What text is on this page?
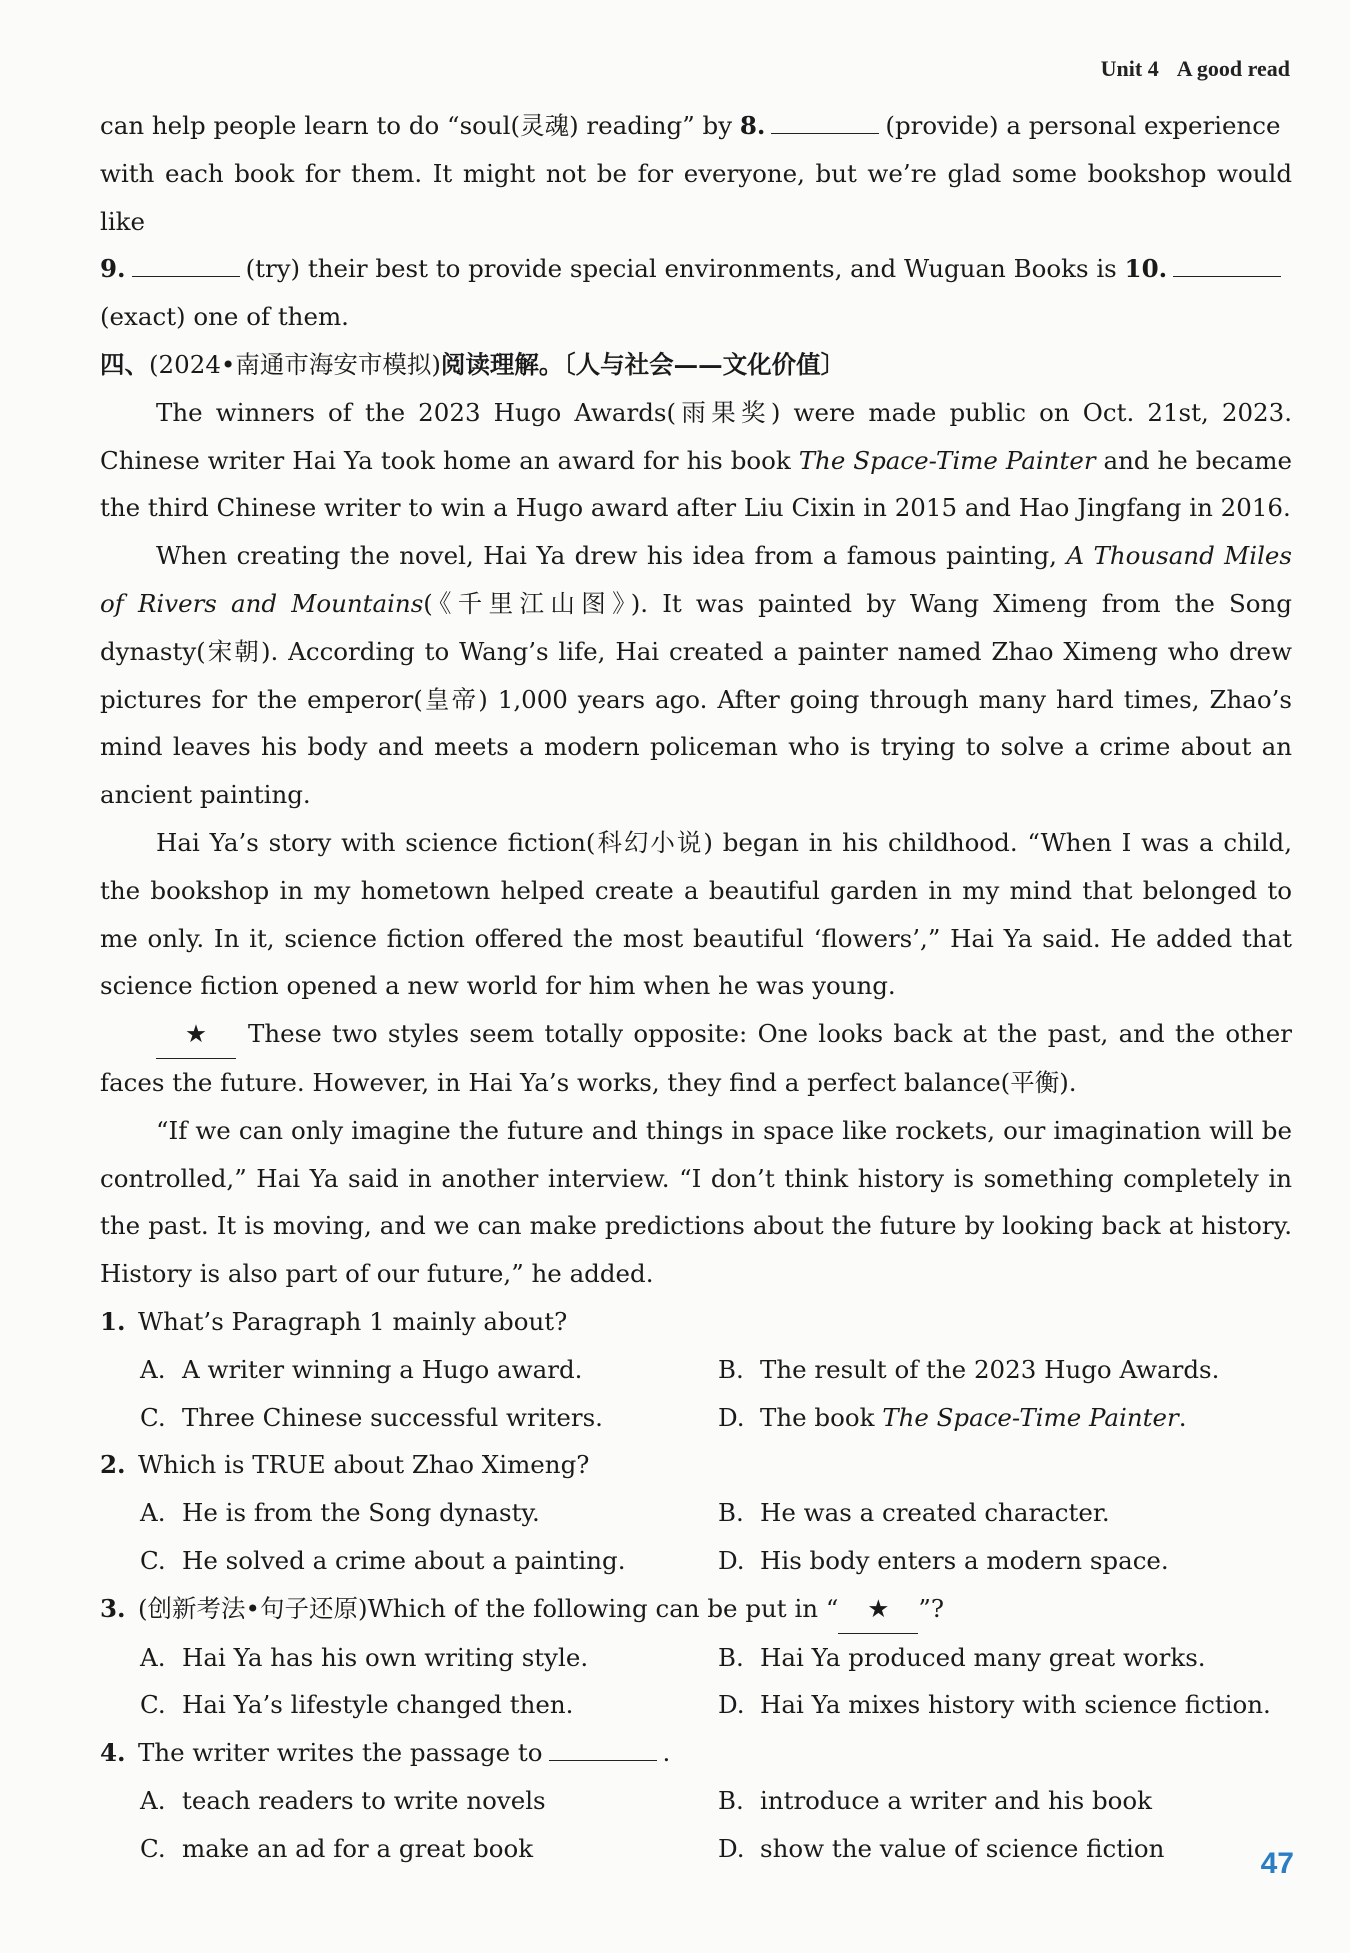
Unit 4 A good read

can help people learn to do “soul(灵魂) reading” by 8.	(provide) a personal experience

with each book for them. It might not be for everyone, but we’re glad some bookshop would like

9.	(try) their best to provide special environments, and Wuguan Books is 10.

(exact) one of them.

四、(2024•南通市海安市模拟)阅读理解。〔人与社会——文化价值〕

The winners of the 2023 Hugo Awards(雨果奖) were made public on Oct. 21st, 2023. Chinese writer Hai Ya took home an award for his book The Space-Time Painter and he became the third Chinese writer to win a Hugo award after Liu Cixin in 2015 and Hao Jingfang in 2016.

When creating the novel, Hai Ya drew his idea from a famous painting, A Thousand Miles of Rivers and Mountains(《千里江山图》). It was painted by Wang Ximeng from the Song dynasty(宋朝). According to Wang’s life, Hai created a painter named Zhao Ximeng who drew pictures for the emperor(皇帝) 1,000 years ago. After going through many hard times, Zhao’s mind leaves his body and meets a modern policeman who is trying to solve a crime about an ancient painting.

Hai Ya’s story with science fiction(科幻小说) began in his childhood. “When I was a child, the bookshop in my hometown helped create a beautiful garden in my mind that belonged to me only. In it, science fiction offered the most beautiful ‘flowers’,” Hai Ya said. He added that science fiction opened a new world for him when he was young.

★ These two styles seem totally opposite: One looks back at the past, and the other faces the future. However, in Hai Ya’s works, they find a perfect balance(平衡).

“If we can only imagine the future and things in space like rockets, our imagination will be controlled,” Hai Ya said in another interview. “I don’t think history is something completely in the past. It is moving, and we can make predictions about the future by looking back at history. History is also part of our future,” he added.

1. What’s Paragraph 1 mainly about?

A. A writer winning a Hugo award.	B. The result of the 2023 Hugo Awards.
C. Three Chinese successful writers.	D. The book The Space-Time Painter.

2. Which is TRUE about Zhao Ximeng?

A. He is from the Song dynasty.	B. He was a created character.
C. He solved a crime about a painting.	D. His body enters a modern space.

3. (创新考法•句子还原)Which of the following can be put in “ ★ ”?

A. Hai Ya has his own writing style.	B. Hai Ya produced many great works.
C. Hai Ya’s lifestyle changed then.	D. Hai Ya mixes history with science fiction.

4. The writer writes the passage to	.

A. teach readers to write novels	B. introduce a writer and his book
C. make an ad for a great book	D. show the value of science fiction	47
